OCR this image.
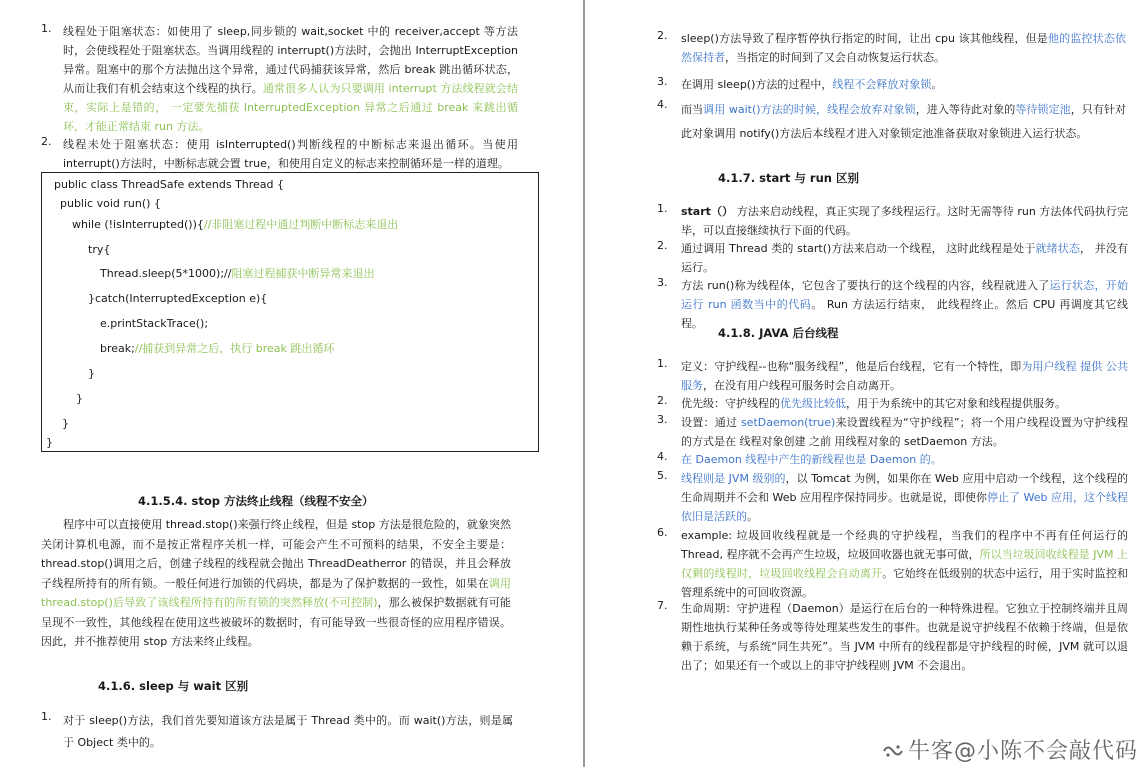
1.	线程处于阻塞状态：如使用了 sleep,同步锁的 wait,socket 中的 receiver,accept 等方法时，会使线程处于阻塞状态。当调用线程的 interrupt()方法时，会抛出 InterruptException 异常。阻塞中的那个方法抛出这个异常，通过代码捕获该异常，然后 break 跳出循环状态，从而让我们有机会结束这个线程的执行。通常很多人认为只要调用 interrupt 方法线程就会结束，实际上是错的， 一定要先捕获 InterruptedException 异常之后通过 break 来跳出循环，才能正常结束 run 方法。
2.	线程未处于阻塞状态：使用 isInterrupted()判断线程的中断标志来退出循环。当使用 interrupt()方法时，中断标志就会置 true，和使用自定义的标志来控制循环是一样的道理。
public class ThreadSafe extends Thread {
public void run() {
while (!isInterrupted()){//非阻塞过程中通过判断中断标志来退出
try{
Thread.sleep(5*1000);//阻塞过程捕获中断异常来退出
}catch(InterruptedException e){
e.printStackTrace();
break;//捕获到异常之后，执行 break 跳出循环
}
}
}
}
4.1.5.4. stop 方法终止线程（线程不安全）
程序中可以直接使用 thread.stop()来强行终止线程，但是 stop 方法是很危险的，就象突然关闭计算机电源，而不是按正常程序关机一样，可能会产生不可预料的结果，不安全主要是：thread.stop()调用之后，创建子线程的线程就会抛出 ThreadDeatherror 的错误，并且会释放子线程所持有的所有锁。一般任何进行加锁的代码块，都是为了保护数据的一致性，如果在调用 thread.stop()后导致了该线程所持有的所有锁的突然释放(不可控制)，那么被保护数据就有可能呈现不一致性，其他线程在使用这些被破坏的数据时，有可能导致一些很奇怪的应用程序错误。因此，并不推荐使用 stop 方法来终止线程。
4.1.6. sleep 与 wait 区别
1.	对于 sleep()方法，我们首先要知道该方法是属于 Thread 类中的。而 wait()方法，则是属于 Object 类中的。
2.	sleep()方法导致了程序暂停执行指定的时间，让出 cpu 该其他线程，但是他的监控状态依然保持者，当指定的时间到了又会自动恢复运行状态。
3.	在调用 sleep()方法的过程中，线程不会释放对象锁。
4.	而当调用 wait()方法的时候，线程会放弃对象锁，进入等待此对象的等待锁定池，只有针对此对象调用 notify()方法后本线程才进入对象锁定池准备获取对象锁进入运行状态。
4.1.7. start 与 run 区别
1.	start（） 方法来启动线程，真正实现了多线程运行。这时无需等待 run 方法体代码执行完毕，可以直接继续执行下面的代码。
2.	通过调用 Thread 类的 start()方法来启动一个线程， 这时此线程是处于就绪状态， 并没有运行。
3.	方法 run()称为线程体，它包含了要执行的这个线程的内容，线程就进入了运行状态，开始运行 run 函数当中的代码。 Run 方法运行结束， 此线程终止。然后 CPU 再调度其它线程。
4.1.8. JAVA 后台线程
1.	定义：守护线程--也称“服务线程”，他是后台线程，它有一个特性，即为用户线程 提供 公共服务，在没有用户线程可服务时会自动离开。
2.	优先级：守护线程的优先级比较低，用于为系统中的其它对象和线程提供服务。
3.	设置：通过 setDaemon(true)来设置线程为“守护线程”；将一个用户线程设置为守护线程的方式是在 线程对象创建 之前 用线程对象的 setDaemon 方法。
4.	在 Daemon 线程中产生的新线程也是 Daemon 的。
5.	线程则是 JVM 级别的，以 Tomcat 为例，如果你在 Web 应用中启动一个线程，这个线程的生命周期并不会和 Web 应用程序保持同步。也就是说，即使你停止了 Web 应用，这个线程依旧是活跃的。
6.	example: 垃圾回收线程就是一个经典的守护线程，当我们的程序中不再有任何运行的 Thread, 程序就不会再产生垃圾，垃圾回收器也就无事可做，所以当垃圾回收线程是 JVM 上仅剩的线程时，垃圾回收线程会自动离开。它始终在低级别的状态中运行，用于实时监控和管理系统中的可回收资源。
7.	生命周期：守护进程（Daemon）是运行在后台的一种特殊进程。它独立于控制终端并且周期性地执行某种任务或等待处理某些发生的事件。也就是说守护线程不依赖于终端，但是依赖于系统，与系统“同生共死”。当 JVM 中所有的线程都是守护线程的时候，JVM 就可以退出了；如果还有一个或以上的非守护线程则 JVM 不会退出。
牛客@小陈不会敲代码
